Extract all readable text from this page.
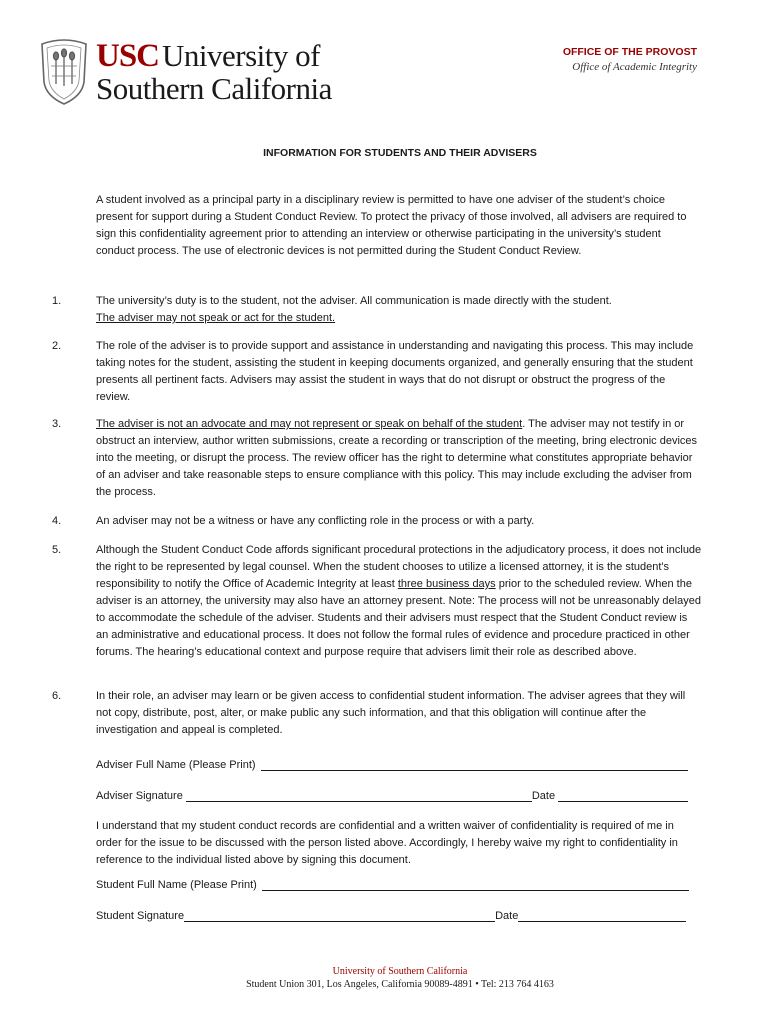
USC University of
Southern California
OFFICE OF THE PROVOST
Office of Academic Integrity
INFORMATION FOR STUDENTS AND THEIR ADVISERS
A student involved as a principal party in a disciplinary review is permitted to have one adviser of the student’s choice present for support during a Student Conduct Review. To protect the privacy of those involved, all advisers are required to sign this confidentiality agreement prior to attending an interview or otherwise participating in the university’s student conduct process. The use of electronic devices is not permitted during the Student Conduct Review.
1.	The university’s duty is to the student, not the adviser. All communication is made directly with the student.
The adviser may not speak or act for the student.
2.	The role of the adviser is to provide support and assistance in understanding and navigating this process. This may include taking notes for the student, assisting the student in keeping documents organized, and generally ensuring that the student presents all pertinent facts. Advisers may assist the student in ways that do not disrupt or obstruct the progress of the review.
3.	The adviser is not an advocate and may not represent or speak on behalf of the student. The adviser may not testify in or obstruct an interview, author written submissions, create a recording or transcription of the meeting, bring electronic devices into the meeting, or disrupt the process. The review officer has the right to determine what constitutes appropriate behavior of an adviser and take reasonable steps to ensure compliance with this policy. This may include excluding the adviser from the process.
4.	An adviser may not be a witness or have any conflicting role in the process or with a party.
5.	Although the Student Conduct Code affords significant procedural protections in the adjudicatory process, it does not include the right to be represented by legal counsel. When the student chooses to utilize a licensed attorney, it is the student's responsibility to notify the Office of Academic Integrity at least three business days prior to the scheduled review. When the adviser is an attorney, the university may also have an attorney present. Note: The process will not be unreasonably delayed to accommodate the schedule of the adviser. Students and their advisers must respect that the Student Conduct review is an administrative and educational process. It does not follow the formal rules of evidence and procedure practiced in other forums. The hearing’s educational context and purpose require that advisers limit their role as described above.
6.	In their role, an adviser may learn or be given access to confidential student information. The adviser agrees that they will not copy, distribute, post, alter, or make public any such information, and that this obligation will continue after the investigation and appeal is completed.
Adviser Full Name (Please Print)
Adviser Signature	Date
I understand that my student conduct records are confidential and a written waiver of confidentiality is required of me in order for the issue to be discussed with the person listed above. Accordingly, I hereby waive my right to confidentiality in reference to the individual listed above by signing this document.
Student Full Name (Please Print)
Student Signature	Date
University of Southern California
Student Union 301, Los Angeles, California 90089-4891 • Tel: 213 764 4163
